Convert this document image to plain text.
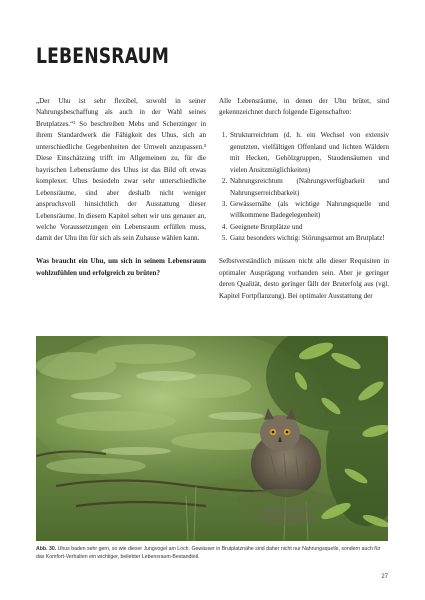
LEBENSRAUM

„Der Uhu ist sehr flexibel, sowohl in seiner Nahrungsbeschaffung als auch in der Wahl seines Brutplatzes.“² So beschreiben Mebs und Scherzinger in ihrem Standardwerk die Fähigkeit des Uhus, sich an unterschiedliche Gegebenheiten der Umwelt anzupassen.³ Diese Einschätzung trifft im Allgemeinen zu, für die bayrischen Lebensräume des Uhus ist das Bild oft etwas komplexer. Uhus besiedeln zwar sehr unterschiedliche Lebensräume, sind aber deshalb nicht weniger anspruchsvoll hinsichtlich der Ausstattung dieser Lebensräume. In diesem Kapitel sehen wir uns genauer an, welche Voraussetzungen ein Lebensraum erfüllen muss, damit der Uhu ihn für sich als sein Zuhause wählen kann.

Was braucht ein Uhu, um sich in seinem Lebensraum wohlzufühlen und erfolgreich zu brüten?

Alle Lebensräume, in denen der Uhu brütet, sind gekennzeichnet durch folgende Eigenschaften:

1. Strukturreichtum (d. h. ein Wechsel von extensiv genutzten, vielfältigen Offenland und lichten Wäldern mit Hecken, Gehölzgruppen, Staudensäumen und vielen Ansitzmöglichkeiten)
2. Nahrungsreichtum (Nahrungsverfügbarkeit und Nahrungserreichbarkeit)
3. Gewässernähe (als wichtige Nahrungsquelle und willkommene Badegelegenheit)
4. Geeignete Brutplätze und
5. Ganz besonders wichtig: Störungsarmut am Brutplatz!

Selbstverständlich müssen nicht alle dieser Requisiten in optimaler Ausprägung vorhanden sein. Aber je geringer deren Qualität, desto geringer fällt der Bruterfolg aus (vgl. Kapitel Fortpflanzung). Bei optimaler Ausstattung der

Abb. 30. Uhus baden sehr gern, so wie dieser Jungvogel am Loch. Gewässer in Brutplatznähe sind daher nicht nur Nahrungsquelle, sondern auch für das Komfort-Verhalten ein wichtiger, beliebter Lebensraum-Bestandteil.
27
